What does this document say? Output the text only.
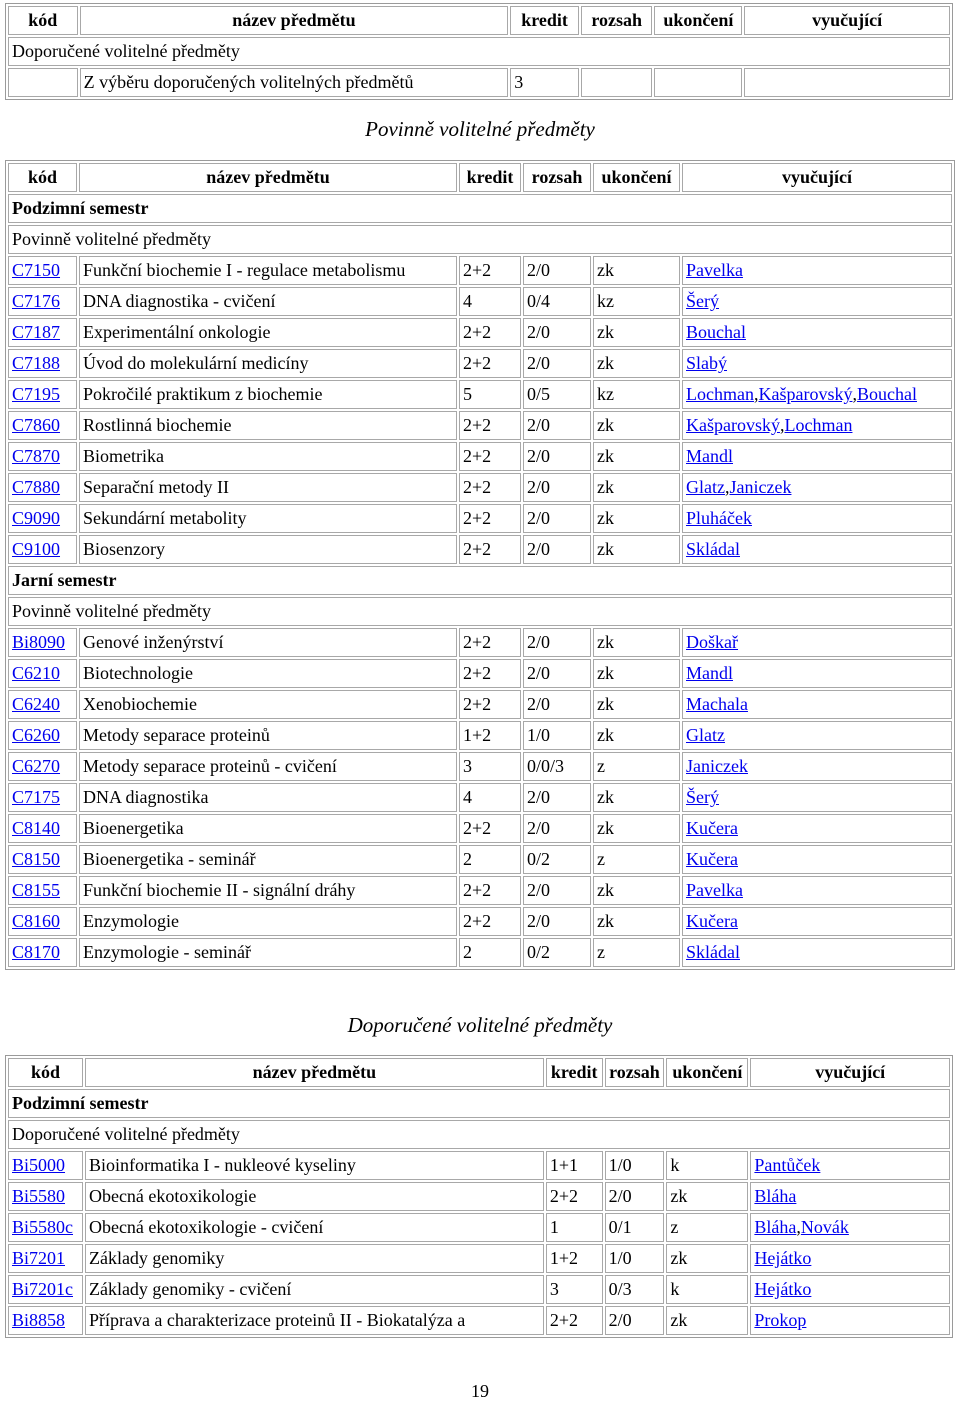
kód	název předmětu	kredit	rozsah	ukončení	vyučující
Doporučené volitelné předměty					
	Z výběru doporučených volitelných předmětů	3			
Povinně volitelné předměty
kód	název předmětu	kredit	rozsah	ukončení	vyučující
Podzimní semestr					
Povinně volitelné předměty					
C7150	Funkční biochemie I - regulace metabolismu	2+2	2/0	zk	Pavelka
C7176	DNA diagnostika - cvičení	4	0/4	kz	Šerý
C7187	Experimentální onkologie	2+2	2/0	zk	Bouchal
C7188	Úvod do molekulární medicíny	2+2	2/0	zk	Slabý
C7195	Pokročilé praktikum z biochemie	5	0/5	kz	Lochman,Kašparovský,Bouchal
C7860	Rostlinná biochemie	2+2	2/0	zk	Kašparovský,Lochman
C7870	Biometrika	2+2	2/0	zk	Mandl
C7880	Separační metody II	2+2	2/0	zk	Glatz,Janiczek
C9090	Sekundární metabolity	2+2	2/0	zk	Pluháček
C9100	Biosenzory	2+2	2/0	zk	Skládal
Jarní semestr					
Povinně volitelné předměty					
Bi8090	Genové inženýrství	2+2	2/0	zk	Doškař
C6210	Biotechnologie	2+2	2/0	zk	Mandl
C6240	Xenobiochemie	2+2	2/0	zk	Machala
C6260	Metody separace proteinů	1+2	1/0	zk	Glatz
C6270	Metody separace proteinů - cvičení	3	0/0/3	z	Janiczek
C7175	DNA diagnostika	4	2/0	zk	Šerý
C8140	Bioenergetika	2+2	2/0	zk	Kučera
C8150	Bioenergetika - seminář	2	0/2	z	Kučera
C8155	Funkční biochemie II - signální dráhy	2+2	2/0	zk	Pavelka
C8160	Enzymologie	2+2	2/0	zk	Kučera
C8170	Enzymologie - seminář	2	0/2	z	Skládal
Doporučené volitelné předměty
kód	název předmětu	kredit	rozsah	ukončení	vyučující
Podzimní semestr					
Doporučené volitelné předměty					
Bi5000	Bioinformatika I - nukleové kyseliny	1+1	1/0	k	Pantůček
Bi5580	Obecná ekotoxikologie	2+2	2/0	zk	Bláha
Bi5580c	Obecná ekotoxikologie - cvičení	1	0/1	z	Bláha,Novák
Bi7201	Základy genomiky	1+2	1/0	zk	Hejátko
Bi7201c	Základy genomiky - cvičení	3	0/3	k	Hejátko
Bi8858	Příprava a charakterizace proteinů II - Biokatalýza a	2+2	2/0	zk	Prokop
19
